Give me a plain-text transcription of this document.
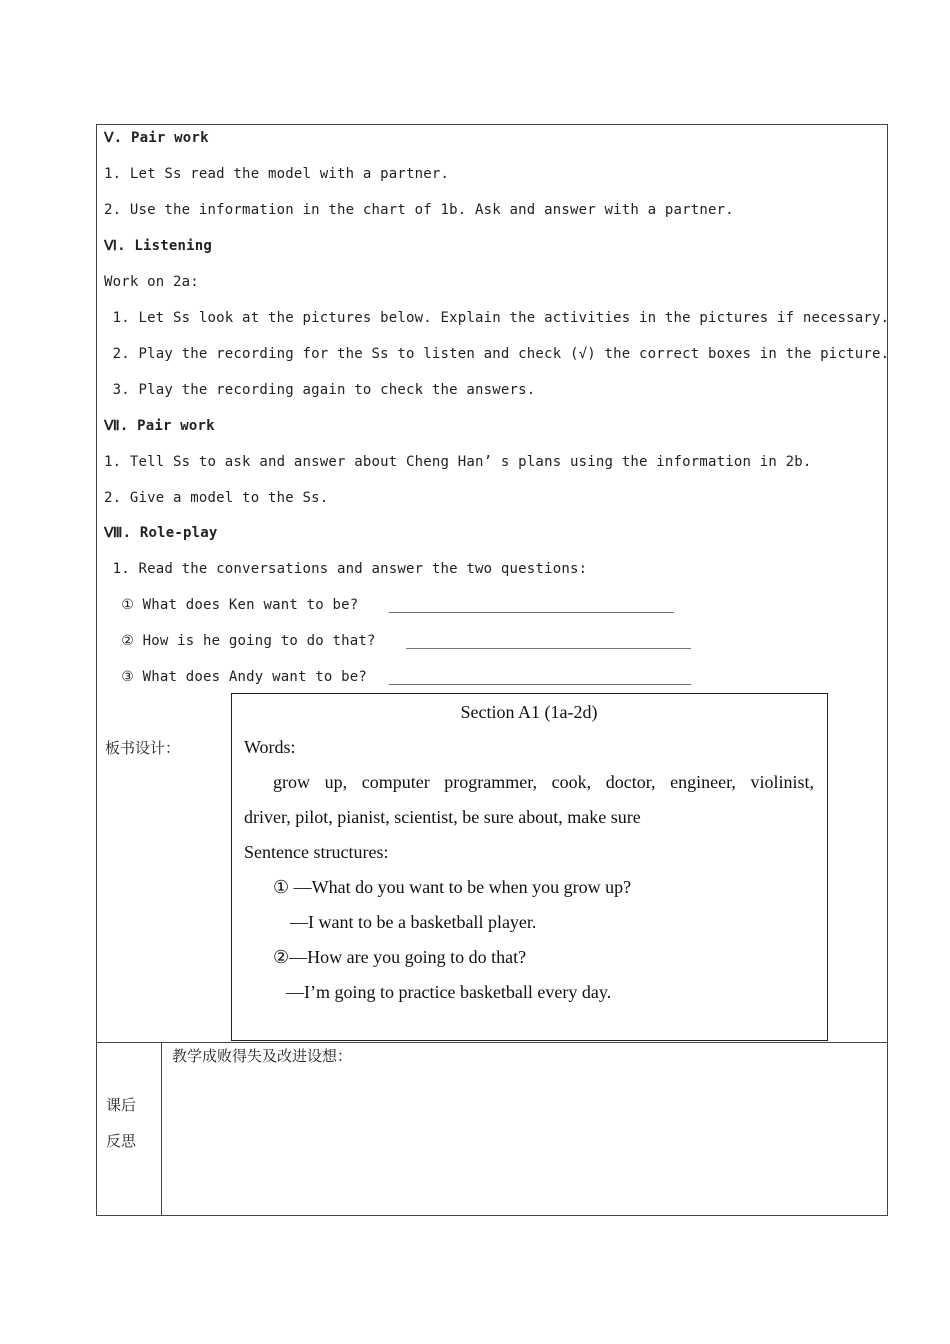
Ⅴ. Pair work
1. Let Ss read the model with a partner.
2. Use the information in the chart of 1b. Ask and answer with a partner.
Ⅵ. Listening
Work on 2a:
1. Let Ss look at the pictures below. Explain the activities in the pictures if necessary.
2. Play the recording for the Ss to listen and check (√) the correct boxes in the picture.
3. Play the recording again to check the answers.
Ⅶ. Pair work
1. Tell Ss to ask and answer about Cheng Han’ s plans using the information in 2b.
2. Give a model to the Ss.
Ⅷ. Role-play
1. Read the conversations and answer the two questions:
① What does Ken want to be?
② How is he going to do that?
③ What does Andy want to be?
板书设计：
Section A1 (1a-2d)
Words:
grow up, computer programmer, cook, doctor, engineer, violinist,
driver, pilot, pianist, scientist, be sure about, make sure
Sentence structures:
① —What do you want to be when you grow up?
—I want to be a basketball player.
②—How are you going to do that?
—I’m going to practice basketball every day.
课后
反思
教学成败得失及改进设想：
